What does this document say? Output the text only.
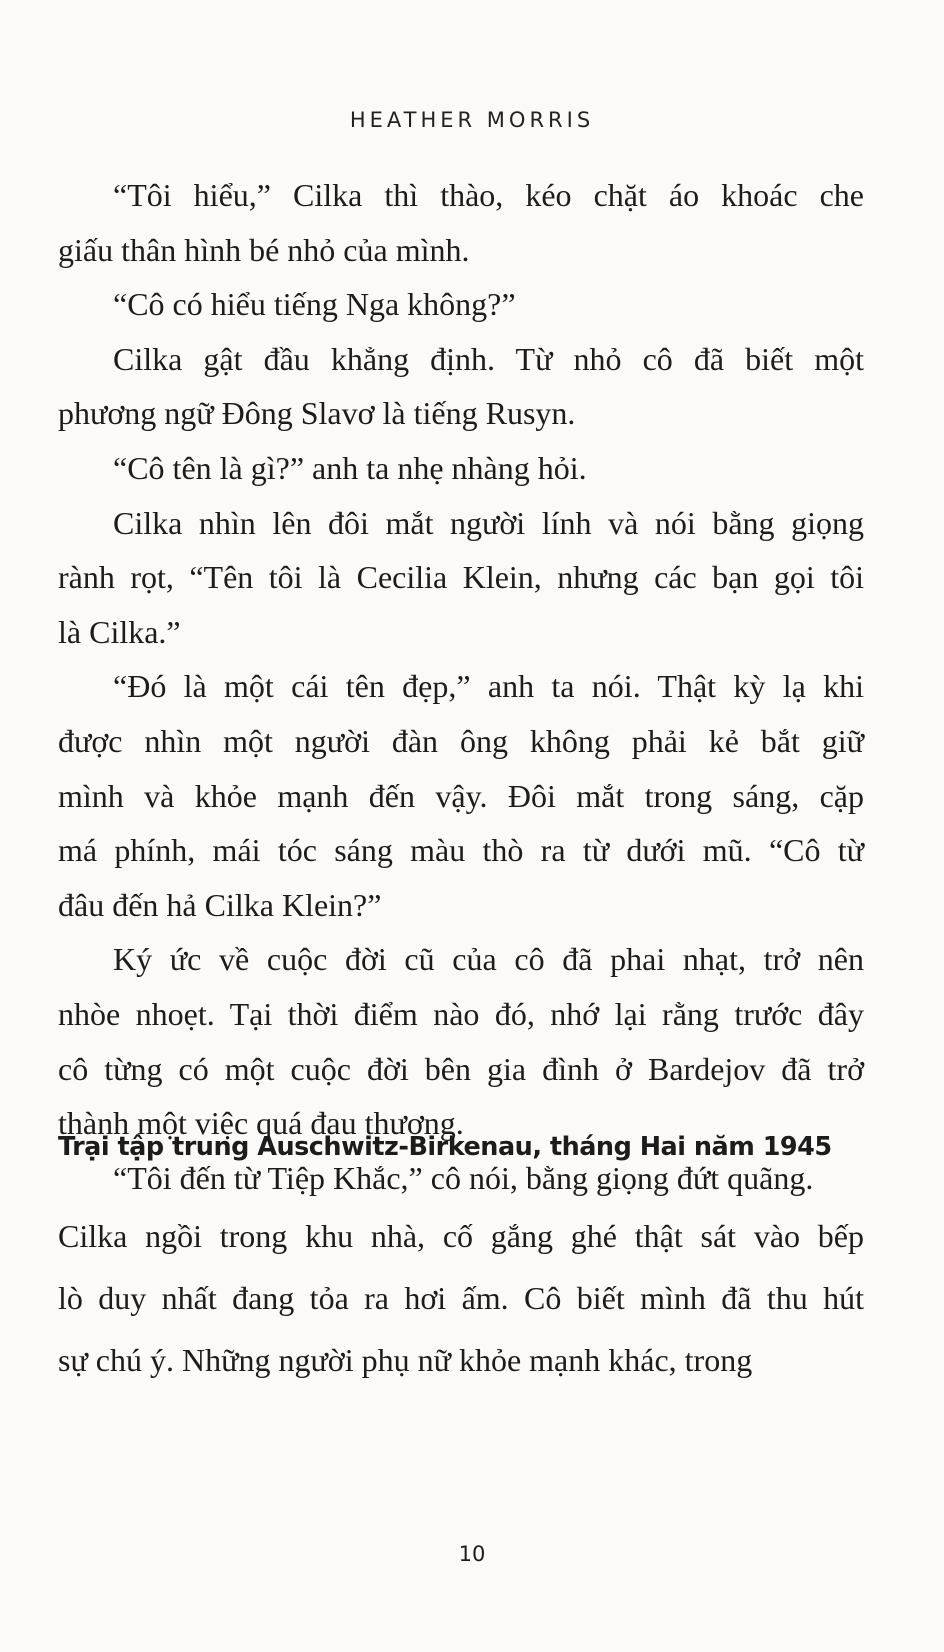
HEATHER MORRIS
“Tôi hiểu,” Cilka thì thào, kéo chặt áo khoác che
giấu thân hình bé nhỏ của mình.
“Cô có hiểu tiếng Nga không?”
Cilka gật đầu khẳng định. Từ nhỏ cô đã biết một
phương ngữ Đông Slavơ là tiếng Rusyn.
“Cô tên là gì?” anh ta nhẹ nhàng hỏi.
Cilka nhìn lên đôi mắt người lính và nói bằng giọng
rành rọt, “Tên tôi là Cecilia Klein, nhưng các bạn gọi tôi
là Cilka.”
“Đó là một cái tên đẹp,” anh ta nói. Thật kỳ lạ khi
được nhìn một người đàn ông không phải kẻ bắt giữ
mình và khỏe mạnh đến vậy. Đôi mắt trong sáng, cặp
má phính, mái tóc sáng màu thò ra từ dưới mũ. “Cô từ
đâu đến hả Cilka Klein?”
Ký ức về cuộc đời cũ của cô đã phai nhạt, trở nên
nhòe nhoẹt. Tại thời điểm nào đó, nhớ lại rằng trước đây
cô từng có một cuộc đời bên gia đình ở Bardejov đã trở
thành một việc quá đau thương.
“Tôi đến từ Tiệp Khắc,” cô nói, bằng giọng đứt quãng.
Trại tập trung Auschwitz-Birkenau, tháng Hai năm 1945
Cilka ngồi trong khu nhà, cố gắng ghé thật sát vào bếp
lò duy nhất đang tỏa ra hơi ấm. Cô biết mình đã thu hút
sự chú ý. Những người phụ nữ khỏe mạnh khác, trong
10
